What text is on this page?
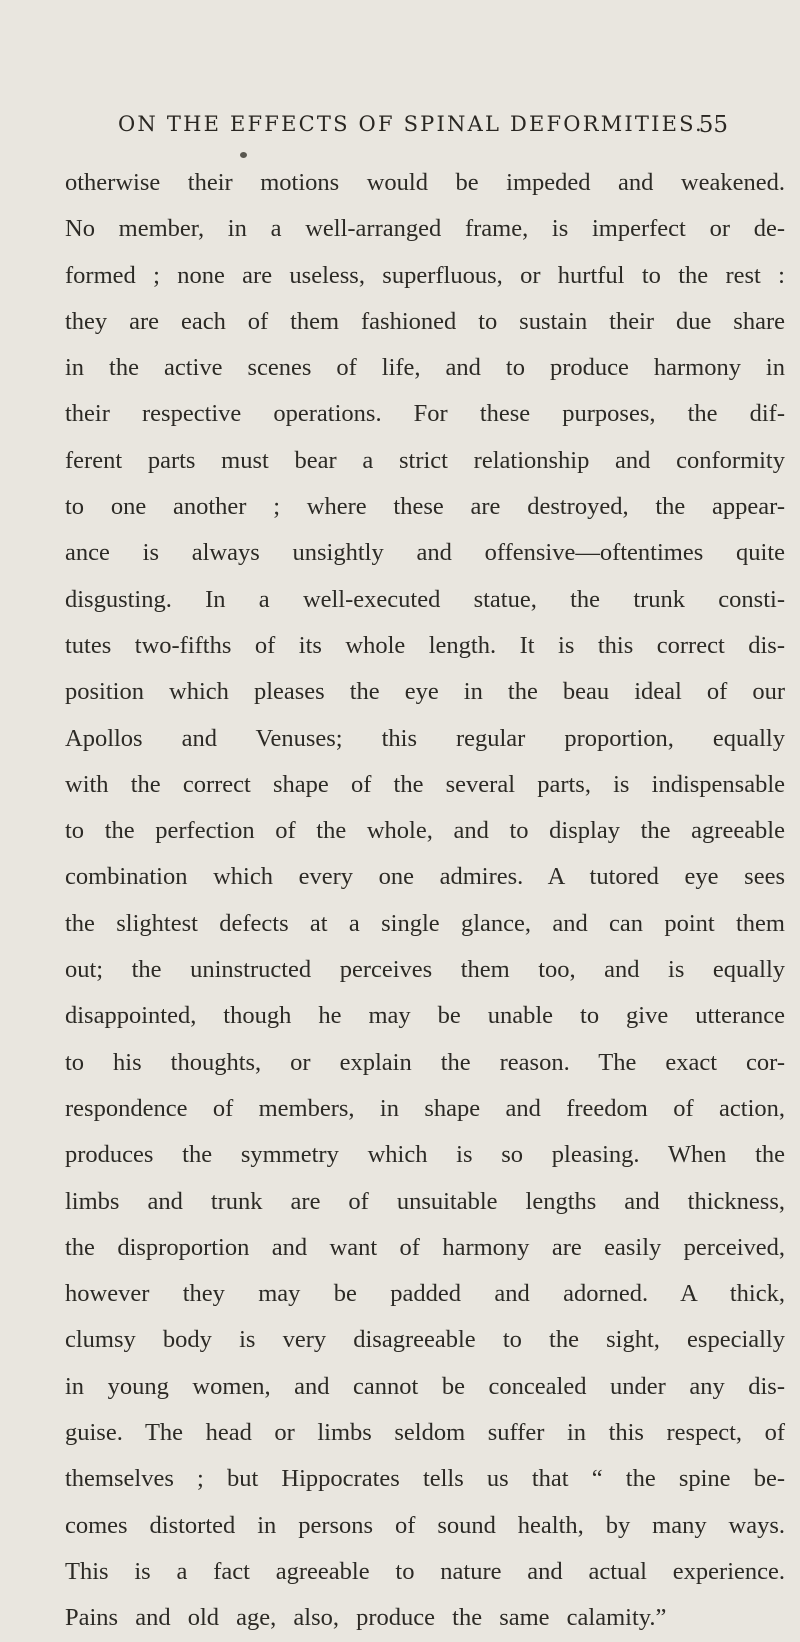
ON THE EFFECTS OF SPINAL DEFORMITIES.
55
otherwise their motions would be impeded and weakened.
No member, in a well-arranged frame, is imperfect or de-
formed ; none are useless, superfluous, or hurtful to the rest :
they are each of them fashioned to sustain their due share
in the active scenes of life, and to produce harmony in
their respective operations. For these purposes, the dif-
ferent parts must bear a strict relationship and conformity
to one another ; where these are destroyed, the appear-
ance is always unsightly and offensive—oftentimes quite
disgusting. In a well-executed statue, the trunk consti-
tutes two-fifths of its whole length. It is this correct dis-
position which pleases the eye in the beau ideal of our
Apollos and Venuses; this regular proportion, equally
with the correct shape of the several parts, is indispensable
to the perfection of the whole, and to display the agreeable
combination which every one admires. A tutored eye sees
the slightest defects at a single glance, and can point them
out; the uninstructed perceives them too, and is equally
disappointed, though he may be unable to give utterance
to his thoughts, or explain the reason. The exact cor-
respondence of members, in shape and freedom of action,
produces the symmetry which is so pleasing. When the
limbs and trunk are of unsuitable lengths and thickness,
the disproportion and want of harmony are easily perceived,
however they may be padded and adorned. A thick,
clumsy body is very disagreeable to the sight, especially
in young women, and cannot be concealed under any dis-
guise. The head or limbs seldom suffer in this respect, of
themselves ; but Hippocrates tells us that “ the spine be-
comes distorted in persons of sound health, by many ways.
This is a fact agreeable to nature and actual experience.
Pains and old age, also, produce the same calamity.”
